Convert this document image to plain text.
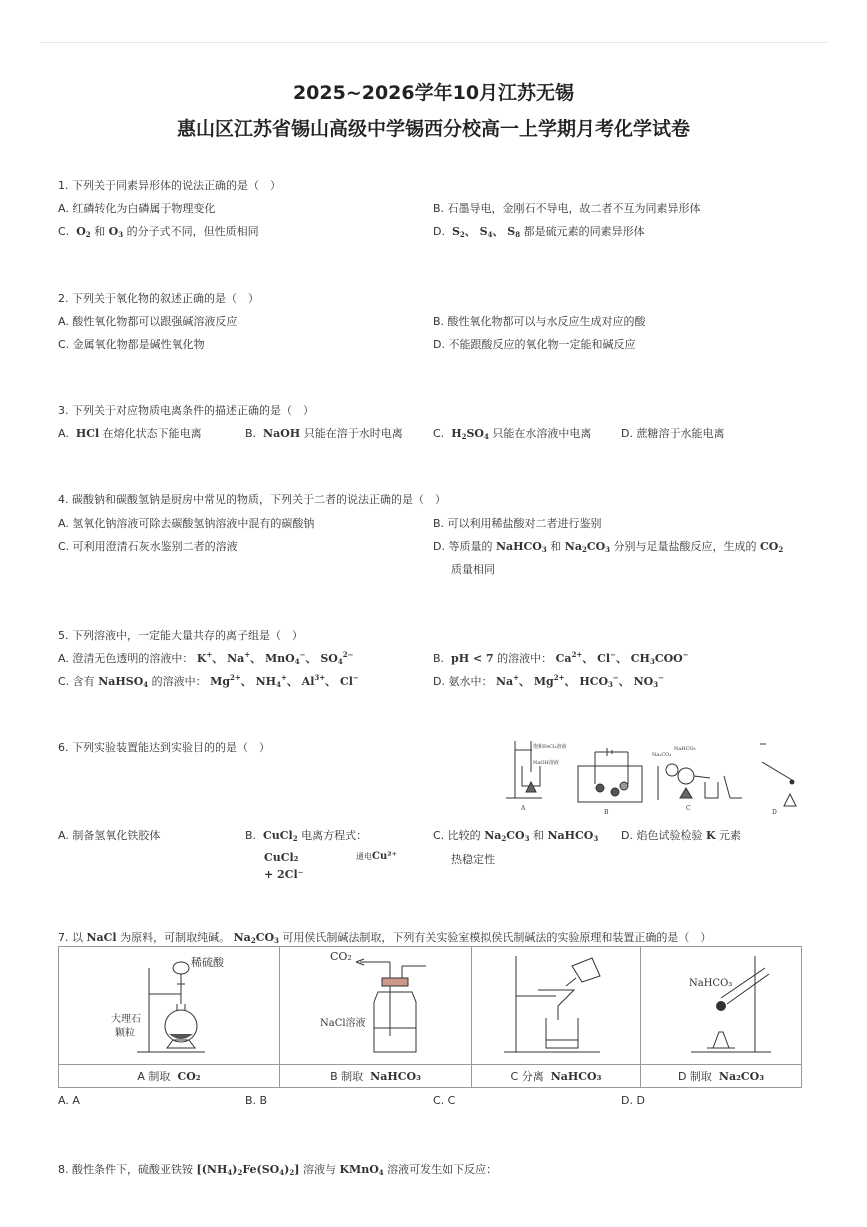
2025~2026学年10月江苏无锡
惠山区江苏省锡山高级中学锡西分校高一上学期月考化学试卷
1. 下列关于同素异形体的说法正确的是（　）
A. 红磷转化为白磷属于物理变化	B. 石墨导电，金刚石不导电，故二者不互为同素异形体
C. $O_2$ 和 $O_3$ 的分子式不同，但性质相同	D. $S_2$、 $S_4$、 $S_8$ 都是硫元素的同素异形体
2. 下列关于氧化物的叙述正确的是（　）
A. 酸性氧化物都可以跟强碱溶液反应	B. 酸性氧化物都可以与水反应生成对应的酸
C. 金属氧化物都是碱性氧化物	D. 不能跟酸反应的氧化物一定能和碱反应
3. 下列关于对应物质电离条件的描述正确的是（　）
A. HCl 在熔化状态下能电离	B. NaOH 只能在溶于水时电离	C. $H_2SO_4$ 只能在水溶液中电离	D. 蔗糖溶于水能电离
4. 碳酸钠和碳酸氢钠是厨房中常见的物质，下列关于二者的说法正确的是（　）
A. 氢氧化钠溶液可除去碳酸氢钠溶液中混有的碳酸钠	B. 可以利用稀盐酸对二者进行鉴别
C. 可利用澄清石灰水鉴别二者的溶液	D. 等质量的 NaHCO$_3$ 和 $Na_2CO_3$ 分别与足量盐酸反应，生成的 $CO_2$
质量相同
5. 下列溶液中，一定能大量共存的离子组是（　）
A. 澄清无色透明的溶液中： K+、 Na+、 MnO$_4$−、 $SO_4^{2-}$	B. pH < 7 的溶液中： $Ca^{2+}$、 Cl−、 $CH_3COO^-$
C. 含有 NaHSO$_4$ 的溶液中： $Mg^{2+}$、 $NH_4^+$、 $Al^{3+}$、 Cl−	D. 氨水中： Na+、 $Mg^{2+}$、 $HCO_3^-$、 $NO_3^-$
6. 下列实验装置能达到实验目的的是（　）	饱和FeCl₃溶液
NaOH溶液
A
B
Na₂CO₃
NaHCO₃
C
D
A. 制备氢氧化铁胶体	B. CuCl$_2$ 电离方程式：
CuCl₂	通电Cu²⁺
+ 2Cl⁻
C. 比较的 $Na_2CO_3$ 和 NaHCO$_3$
热稳定性
D. 焰色试验检验 K 元素
7. 以 NaCl 为原料，可制取纯碱。 $Na_2CO_3$ 可用侯氏制碱法制取，下列有关实验室模拟侯氏制碱法的实验原理和装置正确的是（　）
稀硫酸
大理石
颗粒	CO₂
NaCl溶液		NaHCO₃

A 制取 CO₂	B 制取 NaHCO₃	C 分离 NaHCO₃	D 制取 Na₂CO₃
A. A	B. B	C. C	D. D
8. 酸性条件下，硫酸亚铁铵 $[(NH_4)_2Fe(SO_4)_2]$ 溶液与 KMnO$_4$ 溶液可发生如下反应：
